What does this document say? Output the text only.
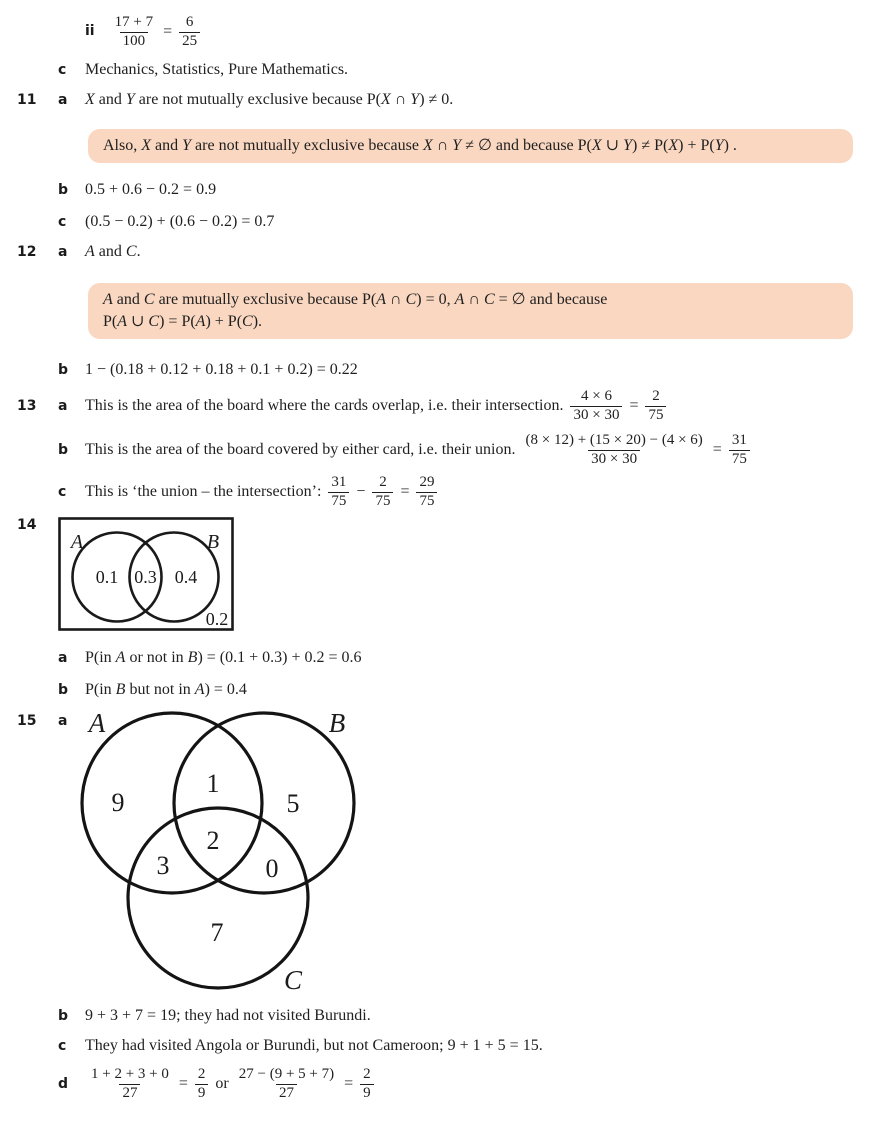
ii
17 + 7
100
=
6
25
c Mechanics, Statistics, Pure Mathematics.
11 a X and Y are not mutually exclusive because P( X ∩ Y ) ≠ 0.
Also, X and Y are not mutually exclusive because X ∩ Y ≠ ∅ and because P(X ∪ Y) ≠ P(X) + P(Y) .
b 0.5 + 0.6 − 0.2 = 0.9
c (0.5 − 0.2) + (0.6 − 0.2) = 0.7
12 a A and C .
A and C are mutually exclusive because P(A ∩ C) = 0, A ∩ C = ∅ and because
P(A ∪ C) = P(A) + P(C).
b 1 − (0.18 + 0.12 + 0.18 + 0.1 + 0.2) = 0.22
13 a This is the area of the board where the cards overlap, i.e. their intersection. $\frac{4 \times 6}{30 \times 30} = \frac{2}{75}$
b This is the area of the board covered by either card, i.e. their union. $\frac{(8 \times 12) + (15 \times 20) - (4 \times 6)}{30 \times 30} = \frac{31}{75}$
c This is ‘the union – the intersection’: $\frac{31}{75} - \frac{2}{75} = \frac{29}{75}$
14
A	B
0.1 0.3 0.4
0.2
a P(in A or not in B ) = (0.1 + 0.3) + 0.2 = 0.6
b P(in B but not in A ) = 0.4
15 a A	B
C
9
1
5
2
3	0
7
b 9 + 3 + 7 = 19; they had not visited Burundi.
c They had visited Angola or Burundi, but not Cameroon; 9 + 1 + 5 = 15.
d $\frac{1 + 2 + 3 + 0}{27} = \frac{2}{9}$ or $\frac{27 - (9 + 5 + 7)}{27} = \frac{2}{9}$
